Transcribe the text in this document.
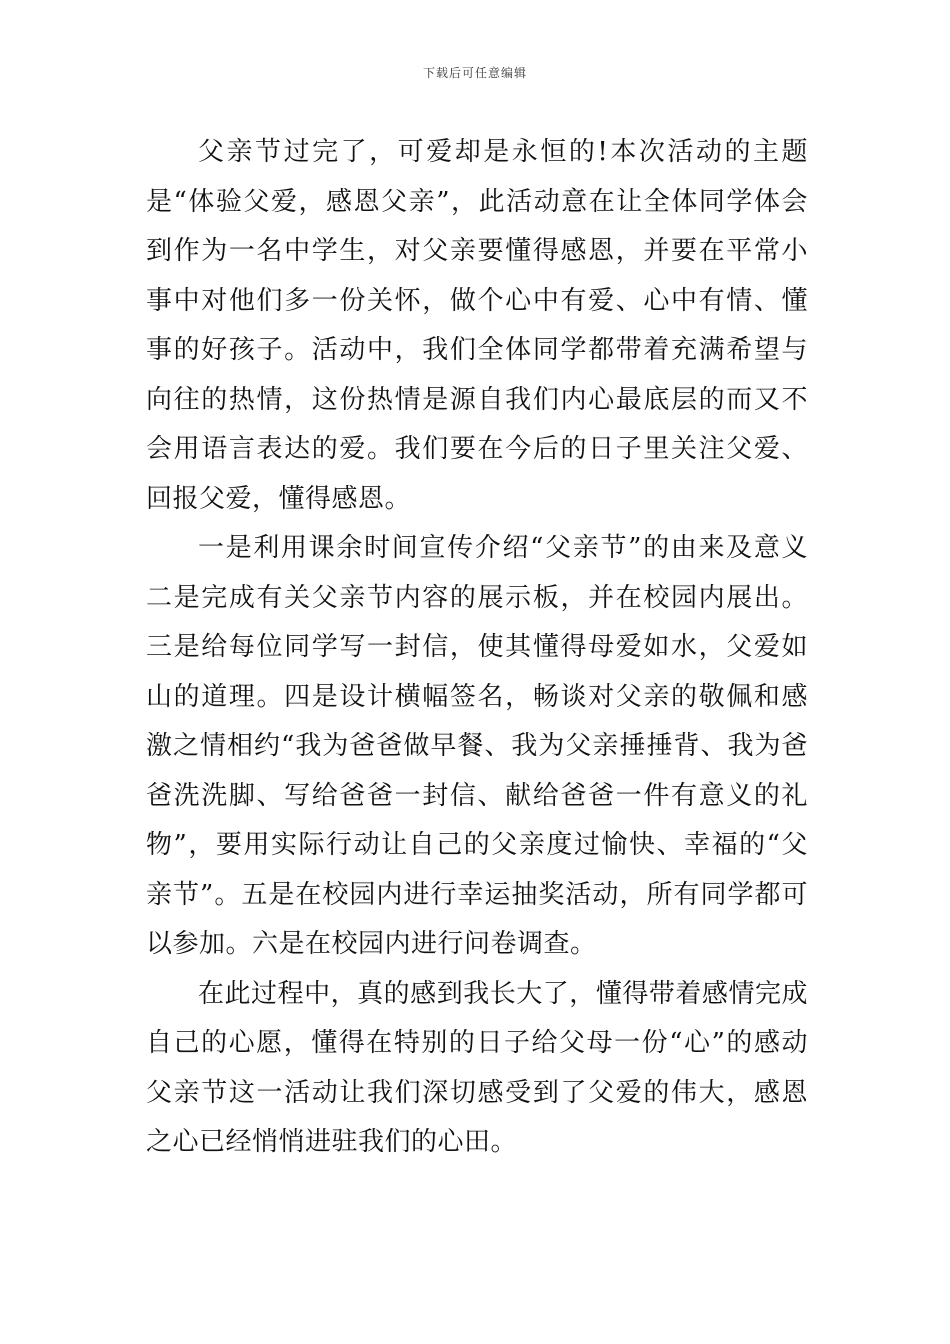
下载后可任意编辑

父亲节过完了，可爱却是永恒的!本次活动的主题是“体验父爱，感恩父亲”，此活动意在让全体同学体会到作为一名中学生，对父亲要懂得感恩，并要在平常小事中对他们多一份关怀，做个心中有爱、心中有情、懂事的好孩子。活动中，我们全体同学都带着充满希望与向往的热情，这份热情是源自我们内心最底层的而又不会用语言表达的爱。我们要在今后的日子里关注父爱、回报父爱，懂得感恩。

一是利用课余时间宣传介绍“父亲节”的由来及意义二是完成有关父亲节内容的展示板，并在校园内展出。三是给每位同学写一封信，使其懂得母爱如水，父爱如山的道理。四是设计横幅签名，畅谈对父亲的敬佩和感激之情相约“我为爸爸做早餐、我为父亲捶捶背、我为爸爸洗洗脚、写给爸爸一封信、献给爸爸一件有意义的礼物”，要用实际行动让自己的父亲度过愉快、幸福的“父亲节”。五是在校园内进行幸运抽奖活动，所有同学都可以参加。六是在校园内进行问卷调查。

在此过程中，真的感到我长大了，懂得带着感情完成自己的心愿，懂得在特别的日子给父母一份“心”的感动父亲节这一活动让我们深切感受到了父爱的伟大，感恩之心已经悄悄进驻我们的心田。
